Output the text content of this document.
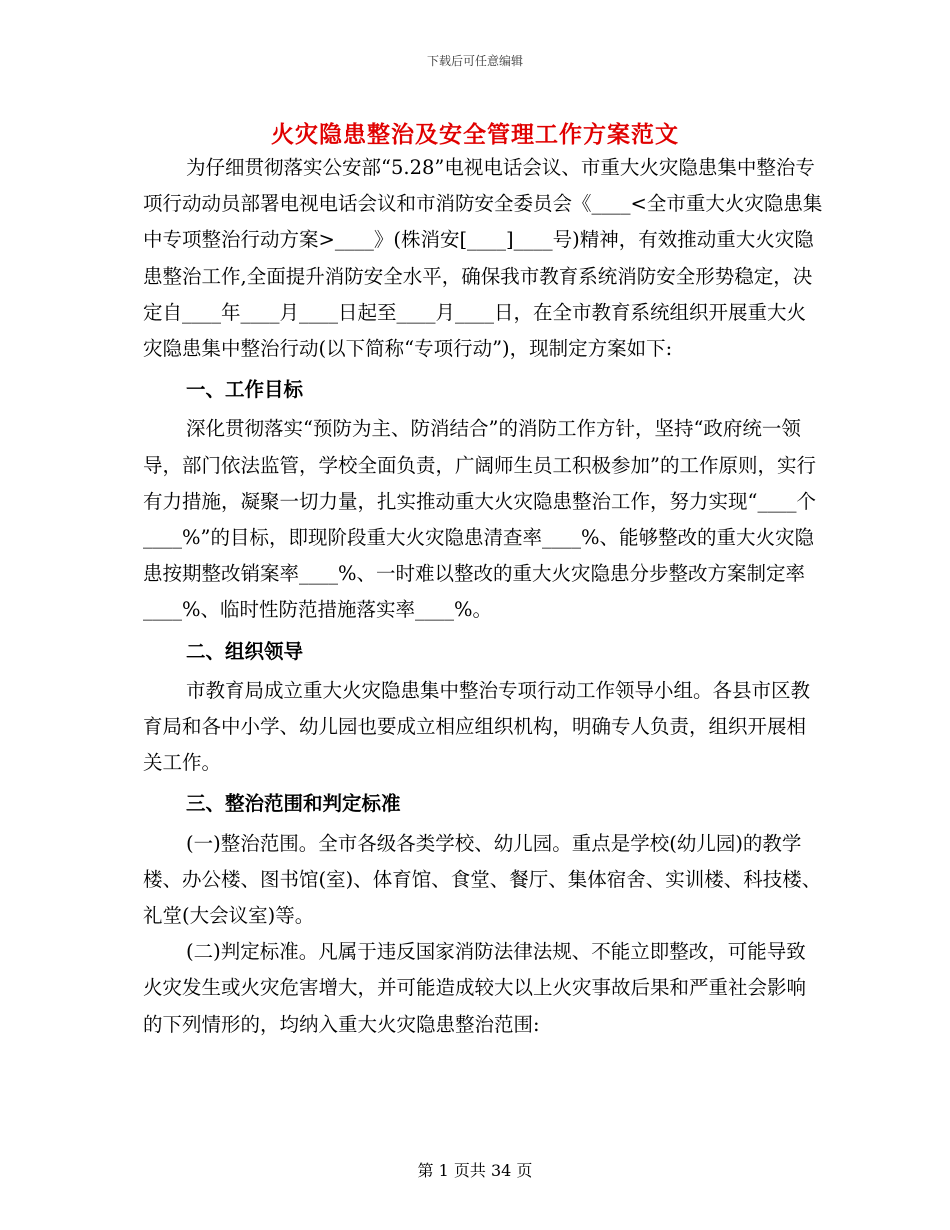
下载后可任意编辑
火灾隐患整治及安全管理工作方案范文

为仔细贯彻落实公安部“5.28”电视电话会议、市重大火灾隐患集中整治专项行动动员部署电视电话会议和市消防安全委员会《____<全市重大火灾隐患集中专项整治行动方案>____》(株消安[____]____号)精神，有效推动重大火灾隐患整治工作,全面提升消防安全水平，确保我市教育系统消防安全形势稳定，决定自____年____月____日起至____月____日，在全市教育系统组织开展重大火灾隐患集中整治行动(以下简称“专项行动”)，现制定方案如下:

一、工作目标

深化贯彻落实“预防为主、防消结合”的消防工作方针，坚持“政府统一领导，部门依法监管，学校全面负责，广阔师生员工积极参加”的工作原则，实行有力措施，凝聚一切力量，扎实推动重大火灾隐患整治工作，努力实现“____个____%”的目标，即现阶段重大火灾隐患清查率____%、能够整改的重大火灾隐患按期整改销案率____%、一时难以整改的重大火灾隐患分步整改方案制定率____%、临时性防范措施落实率____%。

二、组织领导

市教育局成立重大火灾隐患集中整治专项行动工作领导小组。各县市区教育局和各中小学、幼儿园也要成立相应组织机构，明确专人负责，组织开展相关工作。

三、整治范围和判定标准

(一)整治范围。全市各级各类学校、幼儿园。重点是学校(幼儿园)的教学楼、办公楼、图书馆(室)、体育馆、食堂、餐厅、集体宿舍、实训楼、科技楼、礼堂(大会议室)等。

(二)判定标准。凡属于违反国家消防法律法规、不能立即整改，可能导致火灾发生或火灾危害增大，并可能造成较大以上火灾事故后果和严重社会影响的下列情形的，均纳入重大火灾隐患整治范围:

第 1 页共 34 页
